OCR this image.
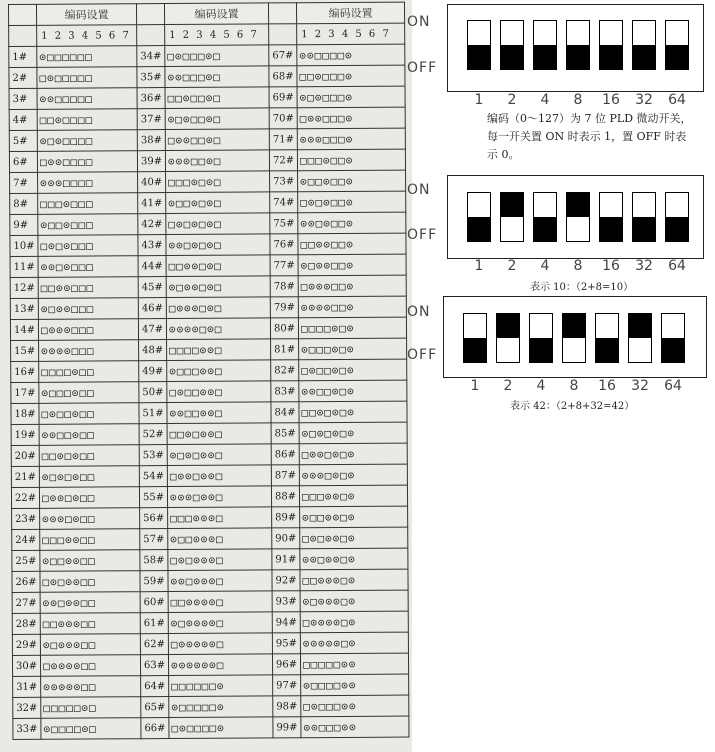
	编码设置		编码设置		编码设置
	1 2 3 4 5 6 7		1 2 3 4 5 6 7		1 2 3 4 5 6 7
1#	⊙□□□□□□	34#	□⊙□□□⊙□	67#	⊙⊙□□□□⊙
2#	□⊙□□□□□	35#	⊙⊙□□□⊙□	68#	□□⊙□□□⊙
3#	⊙⊙□□□□□	36#	□□⊙□□⊙□	69#	⊙□⊙□□□⊙
4#	□□⊙□□□□	37#	⊙□⊙□□⊙□	70#	□⊙⊙□□□⊙
5#	⊙□⊙□□□□	38#	□⊙⊙□□⊙□	71#	⊙⊙⊙□□□⊙
6#	□⊙⊙□□□□	39#	⊙⊙⊙□□⊙□	72#	□□□⊙□□⊙
7#	⊙⊙⊙□□□□	40#	□□□⊙□⊙□	73#	⊙□□⊙□□⊙
8#	□□□⊙□□□	41#	⊙□□⊙□⊙□	74#	□⊙□⊙□□⊙
9#	⊙□□⊙□□□	42#	□⊙□⊙□⊙□	75#	⊙⊙□⊙□□⊙
10#	□⊙□⊙□□□	43#	⊙⊙□⊙□⊙□	76#	□□⊙⊙□□⊙
11#	⊙⊙□⊙□□□	44#	□□⊙⊙□⊙□	77#	⊙□⊙⊙□□⊙
12#	□□⊙⊙□□□	45#	⊙□⊙⊙□⊙□	78#	□⊙⊙⊙□□⊙
13#	⊙□⊙⊙□□□	46#	□⊙⊙⊙□⊙□	79#	⊙⊙⊙⊙□□⊙
14#	□⊙⊙⊙□□□	47#	⊙⊙⊙⊙□⊙□	80#	□□□□⊙□⊙
15#	⊙⊙⊙⊙□□□	48#	□□□□⊙⊙□	81#	⊙□□□⊙□⊙
16#	□□□□⊙□□	49#	⊙□□□⊙⊙□	82#	□⊙□□⊙□⊙
17#	⊙□□□⊙□□	50#	□⊙□□⊙⊙□	83#	⊙⊙□□⊙□⊙
18#	□⊙□□⊙□□	51#	⊙⊙□□⊙⊙□	84#	□□⊙□⊙□⊙
19#	⊙⊙□□⊙□□	52#	□□⊙□⊙⊙□	85#	⊙□⊙□⊙□⊙
20#	□□⊙□⊙□□	53#	⊙□⊙□⊙⊙□	86#	□⊙⊙□⊙□⊙
21#	⊙□⊙□⊙□□	54#	□⊙⊙□⊙⊙□	87#	⊙⊙⊙□⊙□⊙
22#	□⊙⊙□⊙□□	55#	⊙⊙⊙□⊙⊙□	88#	□□□⊙⊙□⊙
23#	⊙⊙⊙□⊙□□	56#	□□□⊙⊙⊙□	89#	⊙□□⊙⊙□⊙
24#	□□□⊙⊙□□	57#	⊙□□⊙⊙⊙□	90#	□⊙□⊙⊙□⊙
25#	⊙□□⊙⊙□□	58#	□⊙□⊙⊙⊙□	91#	⊙⊙□⊙⊙□⊙
26#	□⊙□⊙⊙□□	59#	⊙⊙□⊙⊙⊙□	92#	□□⊙⊙⊙□⊙
27#	⊙⊙□⊙⊙□□	60#	□□⊙⊙⊙⊙□	93#	⊙□⊙⊙⊙□⊙
28#	□□⊙⊙⊙□□	61#	⊙□⊙⊙⊙⊙□	94#	□⊙⊙⊙⊙□⊙
29#	⊙□⊙⊙⊙□□	62#	□⊙⊙⊙⊙⊙□	95#	⊙⊙⊙⊙⊙□⊙
30#	□⊙⊙⊙⊙□□	63#	⊙⊙⊙⊙⊙⊙□	96#	□□□□□⊙⊙
31#	⊙⊙⊙⊙⊙□□	64#	□□□□□□⊙	97#	⊙□□□□⊙⊙
32#	□□□□□⊙□	65#	⊙□□□□□⊙	98#	□⊙□□□⊙⊙
33#	⊙□□□□⊙□	66#	□⊙□□□□⊙	99#	⊙⊙□□□⊙⊙
ON
OFF
1	2	4	8	16	32	64
ON
OFF
1	2	4	8	16	32	64
表示 10：（2+8=10）
ON
OFF
1	2	4	8	16	32	64
表示 42：（2+8+32=42）
编码（0～127）为 7 位 PLD 微动开关，每一开关置 ON 时表示 1，置 OFF 时表示 0。
